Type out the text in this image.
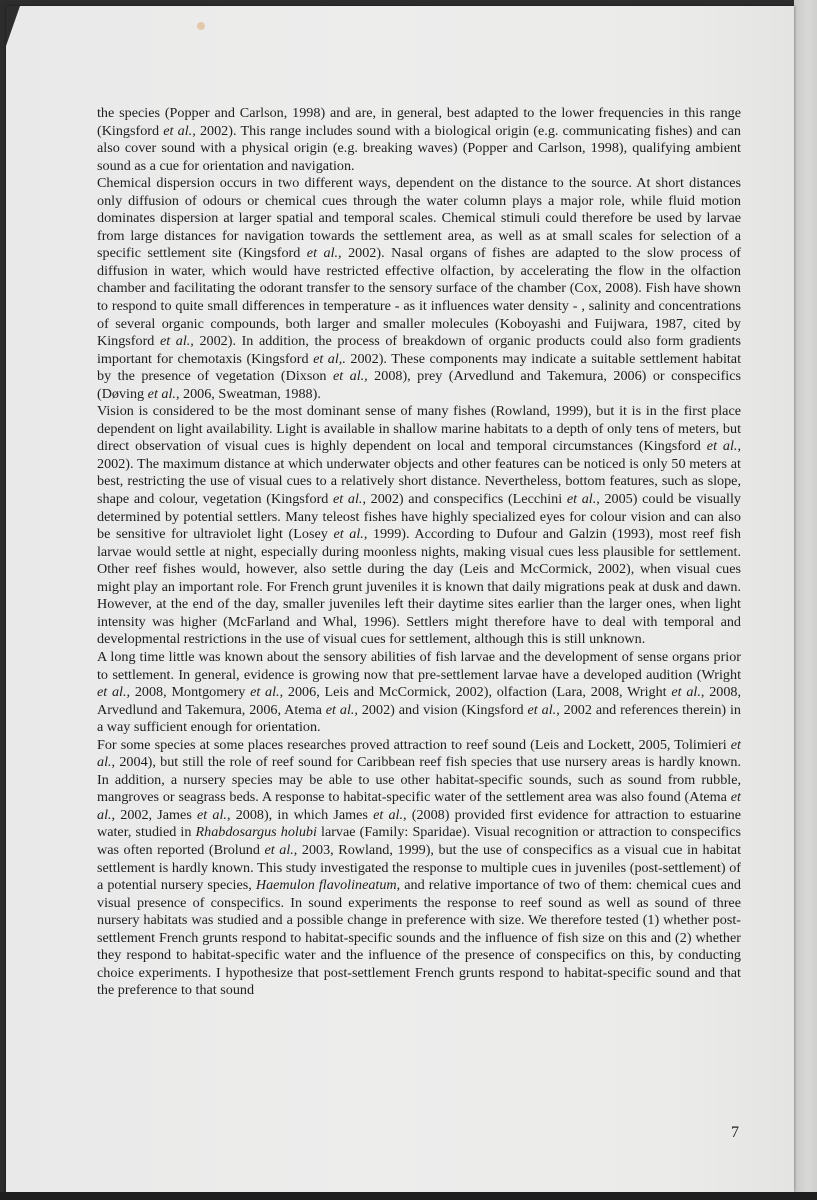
the species (Popper and Carlson, 1998) and are, in general, best adapted to the lower frequencies in this range (Kingsford et al., 2002). This range includes sound with a biological origin (e.g. communicating fishes) and can also cover sound with a physical origin (e.g. breaking waves) (Popper and Carlson, 1998), qualifying ambient sound as a cue for orientation and navigation.

Chemical dispersion occurs in two different ways, dependent on the distance to the source. At short distances only diffusion of odours or chemical cues through the water column plays a major role, while fluid motion dominates dispersion at larger spatial and temporal scales. Chemical stimuli could therefore be used by larvae from large distances for navigation towards the settlement area, as well as at small scales for selection of a specific settlement site (Kingsford et al., 2002). Nasal organs of fishes are adapted to the slow process of diffusion in water, which would have restricted effective olfaction, by accelerating the flow in the olfaction chamber and facilitating the odorant transfer to the sensory surface of the chamber (Cox, 2008). Fish have shown to respond to quite small differences in temperature - as it influences water density - , salinity and concentrations of several organic compounds, both larger and smaller molecules (Koboyashi and Fuijwara, 1987, cited by Kingsford et al., 2002). In addition, the process of breakdown of organic products could also form gradients important for chemotaxis (Kingsford et al,. 2002). These components may indicate a suitable settlement habitat by the presence of vegetation (Dixson et al., 2008), prey (Arvedlund and Takemura, 2006) or conspecifics (Døving et al., 2006, Sweatman, 1988).

Vision is considered to be the most dominant sense of many fishes (Rowland, 1999), but it is in the first place dependent on light availability. Light is available in shallow marine habitats to a depth of only tens of meters, but direct observation of visual cues is highly dependent on local and temporal circumstances (Kingsford et al., 2002). The maximum distance at which underwater objects and other features can be noticed is only 50 meters at best, restricting the use of visual cues to a relatively short distance. Nevertheless, bottom features, such as slope, shape and colour, vegetation (Kingsford et al., 2002) and conspecifics (Lecchini et al., 2005) could be visually determined by potential settlers. Many teleost fishes have highly specialized eyes for colour vision and can also be sensitive for ultraviolet light (Losey et al., 1999). According to Dufour and Galzin (1993), most reef fish larvae would settle at night, especially during moonless nights, making visual cues less plausible for settlement. Other reef fishes would, however, also settle during the day (Leis and McCormick, 2002), when visual cues might play an important role. For French grunt juveniles it is known that daily migrations peak at dusk and dawn. However, at the end of the day, smaller juveniles left their daytime sites earlier than the larger ones, when light intensity was higher (McFarland and Whal, 1996). Settlers might therefore have to deal with temporal and developmental restrictions in the use of visual cues for settlement, although this is still unknown.

A long time little was known about the sensory abilities of fish larvae and the development of sense organs prior to settlement. In general, evidence is growing now that pre-settlement larvae have a developed audition (Wright et al., 2008, Montgomery et al., 2006, Leis and McCormick, 2002), olfaction (Lara, 2008, Wright et al., 2008, Arvedlund and Takemura, 2006, Atema et al., 2002) and vision (Kingsford et al., 2002 and references therein) in a way sufficient enough for orientation.

For some species at some places researches proved attraction to reef sound (Leis and Lockett, 2005, Tolimieri et al., 2004), but still the role of reef sound for Caribbean reef fish species that use nursery areas is hardly known. In addition, a nursery species may be able to use other habitat-specific sounds, such as sound from rubble, mangroves or seagrass beds. A response to habitat-specific water of the settlement area was also found (Atema et al., 2002, James et al., 2008), in which James et al., (2008) provided first evidence for attraction to estuarine water, studied in Rhabdosargus holubi larvae (Family: Sparidae). Visual recognition or attraction to conspecifics was often reported (Brolund et al., 2003, Rowland, 1999), but the use of conspecifics as a visual cue in habitat settlement is hardly known. This study investigated the response to multiple cues in juveniles (post-settlement) of a potential nursery species, Haemulon flavolineatum, and relative importance of two of them: chemical cues and visual presence of conspecifics. In sound experiments the response to reef sound as well as sound of three nursery habitats was studied and a possible change in preference with size. We therefore tested (1) whether post-settlement French grunts respond to habitat-specific sounds and the influence of fish size on this and (2) whether they respond to habitat-specific water and the influence of the presence of conspecifics on this, by conducting choice experiments. I hypothesize that post-settlement French grunts respond to habitat-specific sound and that the preference to that sound

7
